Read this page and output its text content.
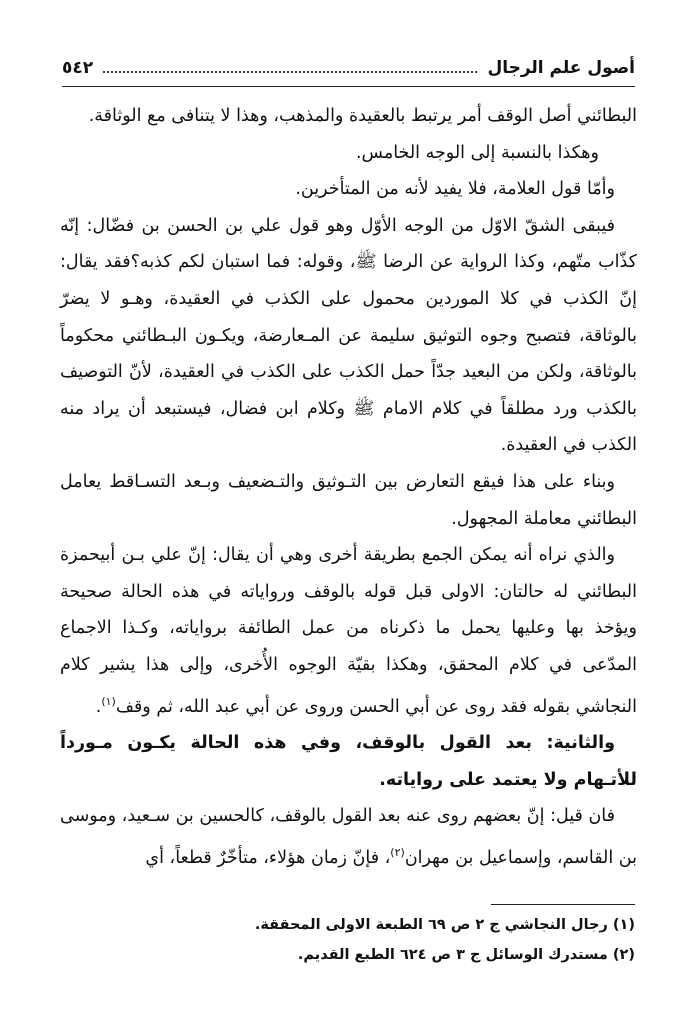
أصول علم الرجال
٥٤٢

البطائني أصل الوقف أمر يرتبط بالعقيدة والمذهب، وهذا لا يتنافى مع الوثاقة.

وهكذا بالنسبة إلى الوجه الخامس.

وأمّا قول العلامة، فلا يفيد لأنه من المتأخرين.

فيبقى الشقّ الاوّل من الوجه الأوّل وهو قول علي بن الحسن بن فضّال: إنّه كذّاب متّهم، وكذا الرواية عن الرضا ﷺ، وقوله: فما استبان لكم كذبه؟فقد يقال: إنّ الكذب في كلا الموردين محمول على الكذب في العقيدة، وهـو لا يضرّ بالوثاقة، فتصبح وجوه التوثيق سليمة عن المـعارضة، ويكـون البـطائني محكوماً بالوثاقة، ولكن من البعيد جدّاً حمل الكذب على الكذب في العقيدة، لأنّ التوصيف بالكذب ورد مطلقاً في كلام الامام ﷺ وكلام ابن فضال، فيستبعد أن يراد منه الكذب في العقيدة.

وبناء على هذا فيقع التعارض بين التـوثيق والتـضعيف وبـعد التسـاقط يعامل البطائني معاملة المجهول.

والذي نراه أنه يمكن الجمع بطريقة أخرى وهي أن يقال: إنّ علي بـن أبيحمزة البطائني له حالتان: الاولى قبل قوله بالوقف ورواياته في هذه الحالة صحيحة ويؤخذ بها وعليها يحمل ما ذكرناه من عمل الطائفة برواياته، وكـذا الاجماع المدّعى في كلام المحقق، وهكذا بقيّة الوجوه الأُخرى، وإلى هذا يشير كلام النجاشي بقوله فقد روى عن أبي الحسن وروى عن أبي عبد الله، ثم وقف$^{(١)}$.

والثانية: بعد القول بالوقف، وفي هذه الحالة يكـون مـورداً للأتـهام ولا يعتمد على رواياته.

فان قيل: إنّ بعضهم روى عنه بعد القول بالوقف، كالحسين بن سـعيد، وموسى بن القاسم، وإسماعيل بن مهران$^{(٢)}$، فإنّ زمان هؤلاء، متأخّرٌ قطعاً، أي

(١) رجال النجاشي ج ٢ ص ٦٩ الطبعة الاولى المحققة.

(٢) مستدرك الوسائل ج ٣ ص ٦٢٤ الطبع القديم.
